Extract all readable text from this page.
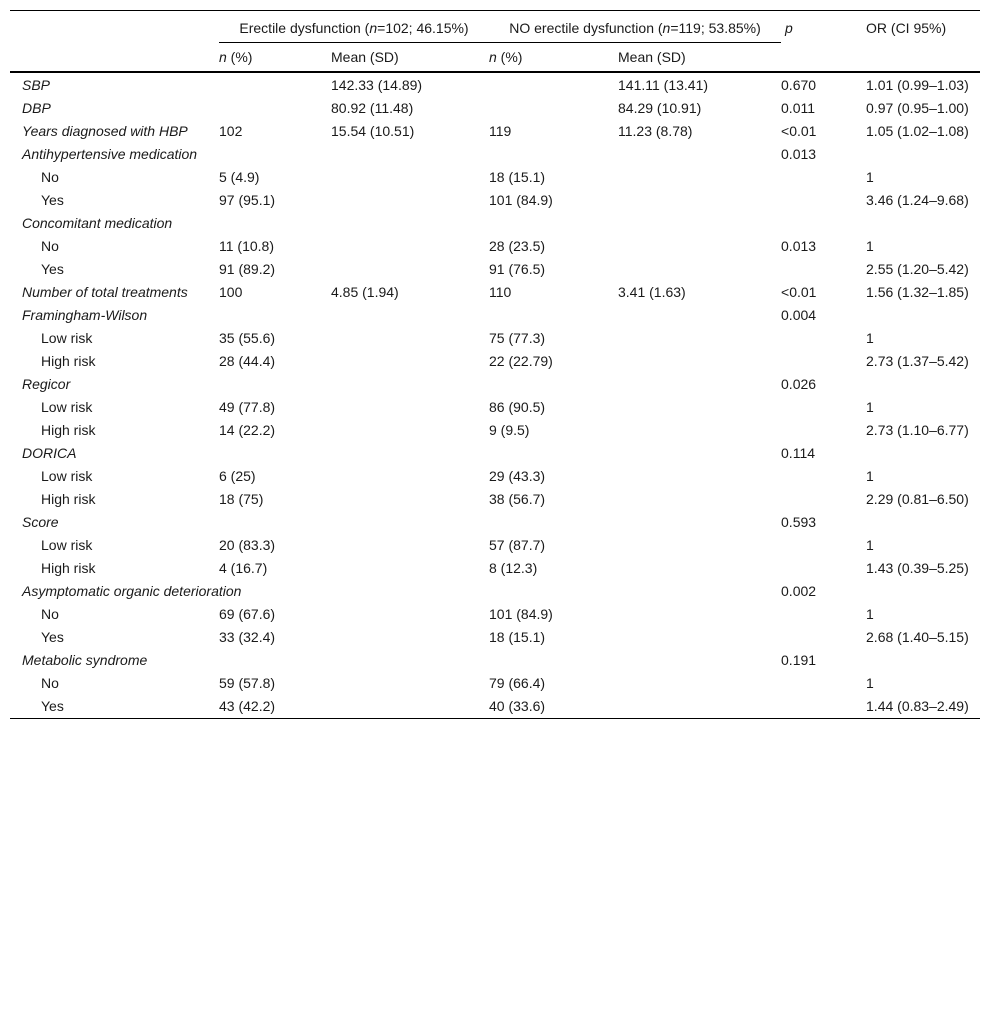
	Erectile dysfunction (n=102; 46.15%)		NO erectile dysfunction (n=119; 53.85%)		p	OR (CI 95%)
	n (%)	Mean (SD)	n (%)	Mean (SD)		
SBP		142.33 (14.89)		141.11 (13.41)	0.670	1.01 (0.99–1.03)
DBP		80.92 (11.48)		84.29 (10.91)	0.011	0.97 (0.95–1.00)
Years diagnosed with HBP	102	15.54 (10.51)	119	11.23 (8.78)	<0.01	1.05 (1.02–1.08)
Antihypertensive medication					0.013	
No	5 (4.9)		18 (15.1)			1
Yes	97 (95.1)		101 (84.9)			3.46 (1.24–9.68)
Concomitant medication						
No	11 (10.8)		28 (23.5)		0.013	1
Yes	91 (89.2)		91 (76.5)			2.55 (1.20–5.42)
Number of total treatments	100	4.85 (1.94)	110	3.41 (1.63)	<0.01	1.56 (1.32–1.85)
Framingham-Wilson					0.004	
Low risk	35 (55.6)		75 (77.3)			1
High risk	28 (44.4)		22 (22.79)			2.73 (1.37–5.42)
Regicor					0.026	
Low risk	49 (77.8)		86 (90.5)			1
High risk	14 (22.2)		9 (9.5)			2.73 (1.10–6.77)
DORICA					0.114	
Low risk	6 (25)		29 (43.3)			1
High risk	18 (75)		38 (56.7)			2.29 (0.81–6.50)
Score					0.593	
Low risk	20 (83.3)		57 (87.7)			1
High risk	4 (16.7)		8 (12.3)			1.43 (0.39–5.25)
Asymptomatic organic deterioration					0.002	
No	69 (67.6)		101 (84.9)			1
Yes	33 (32.4)		18 (15.1)			2.68 (1.40–5.15)
Metabolic syndrome					0.191	
No	59 (57.8)		79 (66.4)			1
Yes	43 (42.2)		40 (33.6)			1.44 (0.83–2.49)
